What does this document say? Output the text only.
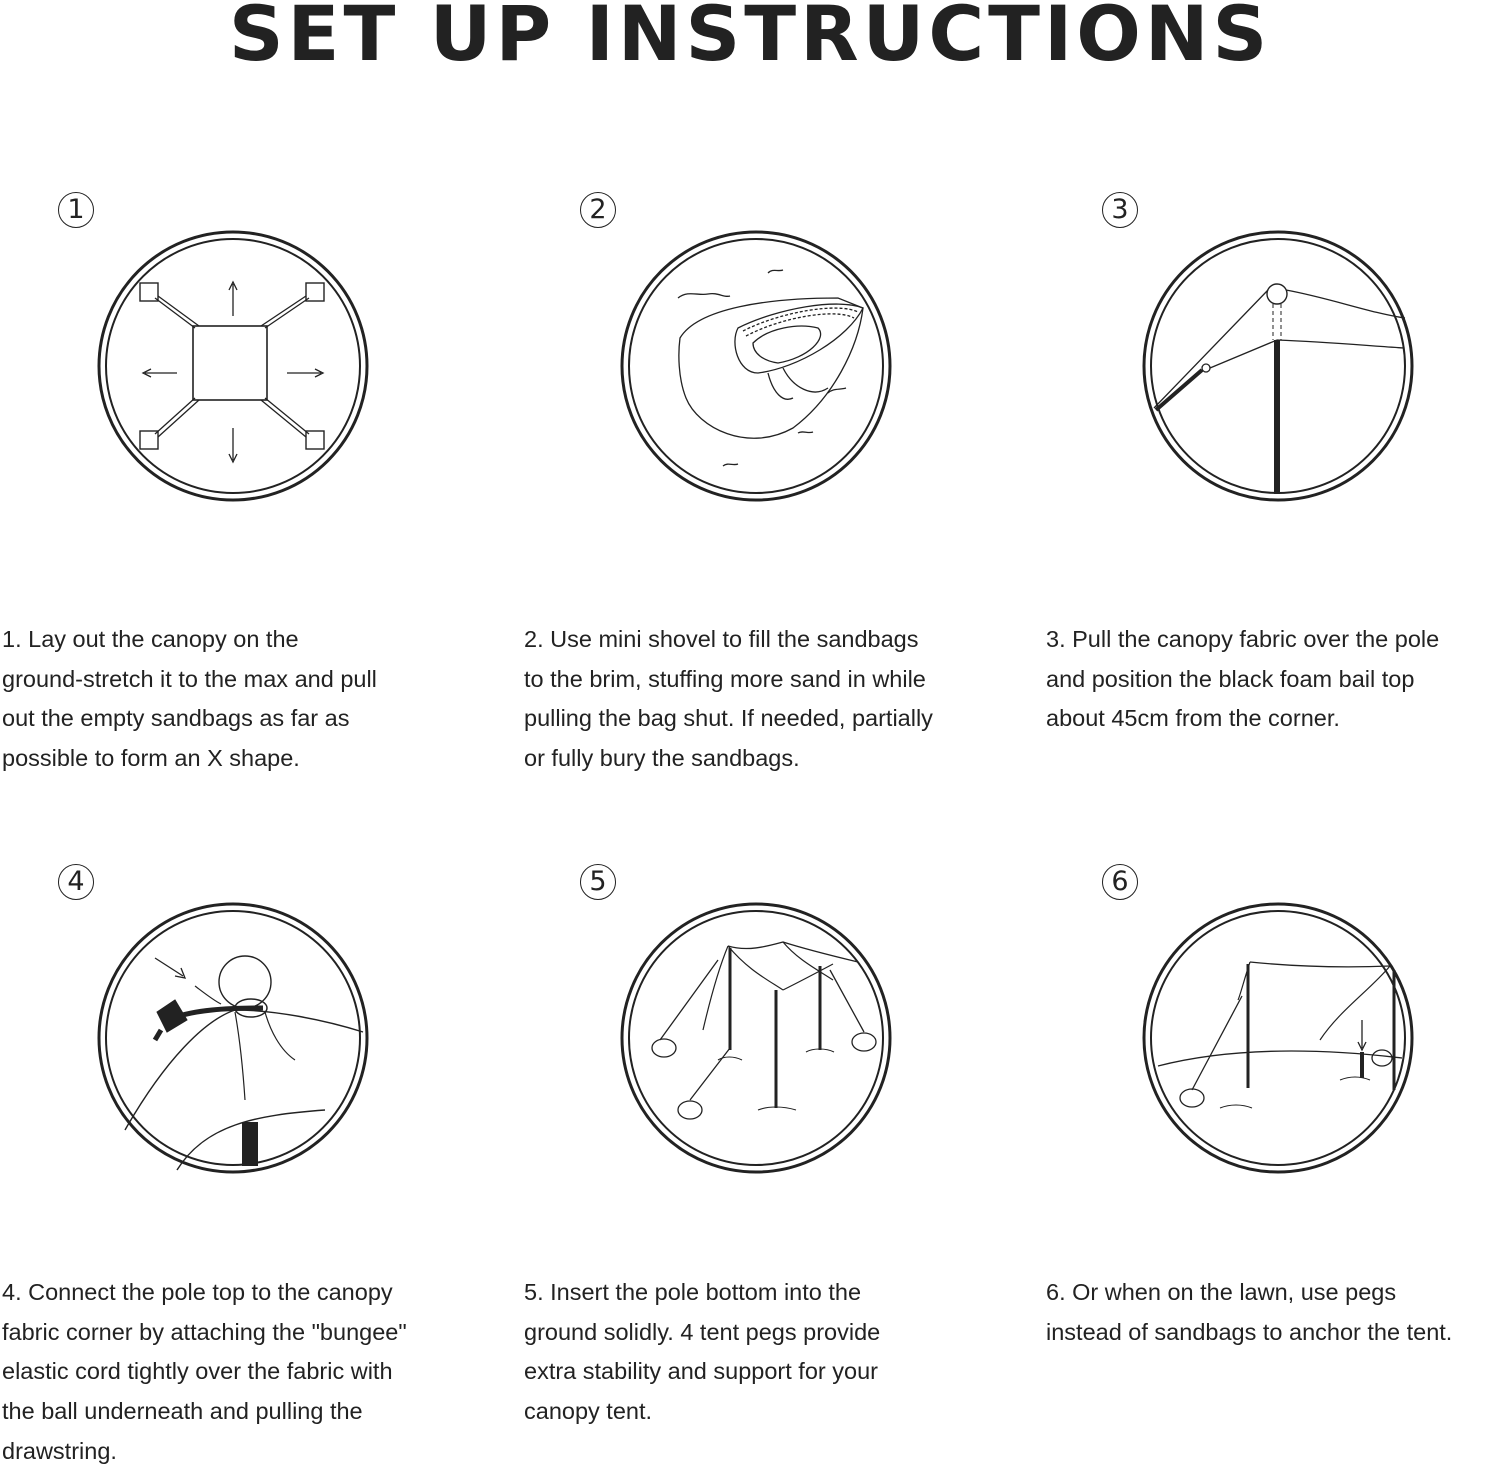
SET UP INSTRUCTIONS
1	2	3
4	5	6
1. Lay out the canopy on the
ground-stretch it to the max and pull
out the empty sandbags as far as
possible to form an X shape.
2. Use mini shovel to fill the sandbags
to the brim, stuffing more sand in while
pulling the bag shut. If needed, partially
or fully bury the sandbags.
3. Pull the canopy fabric over the pole
and position the black foam bail top
about 45cm from the corner.
4. Connect the pole top to the canopy
fabric corner by attaching the "bungee"
elastic cord tightly over the fabric with
the ball underneath and pulling the
drawstring.
5. Insert the pole bottom into the
ground solidly. 4 tent pegs provide
extra stability and support for your
canopy tent.
6. Or when on the lawn, use pegs
instead of sandbags to anchor the tent.
